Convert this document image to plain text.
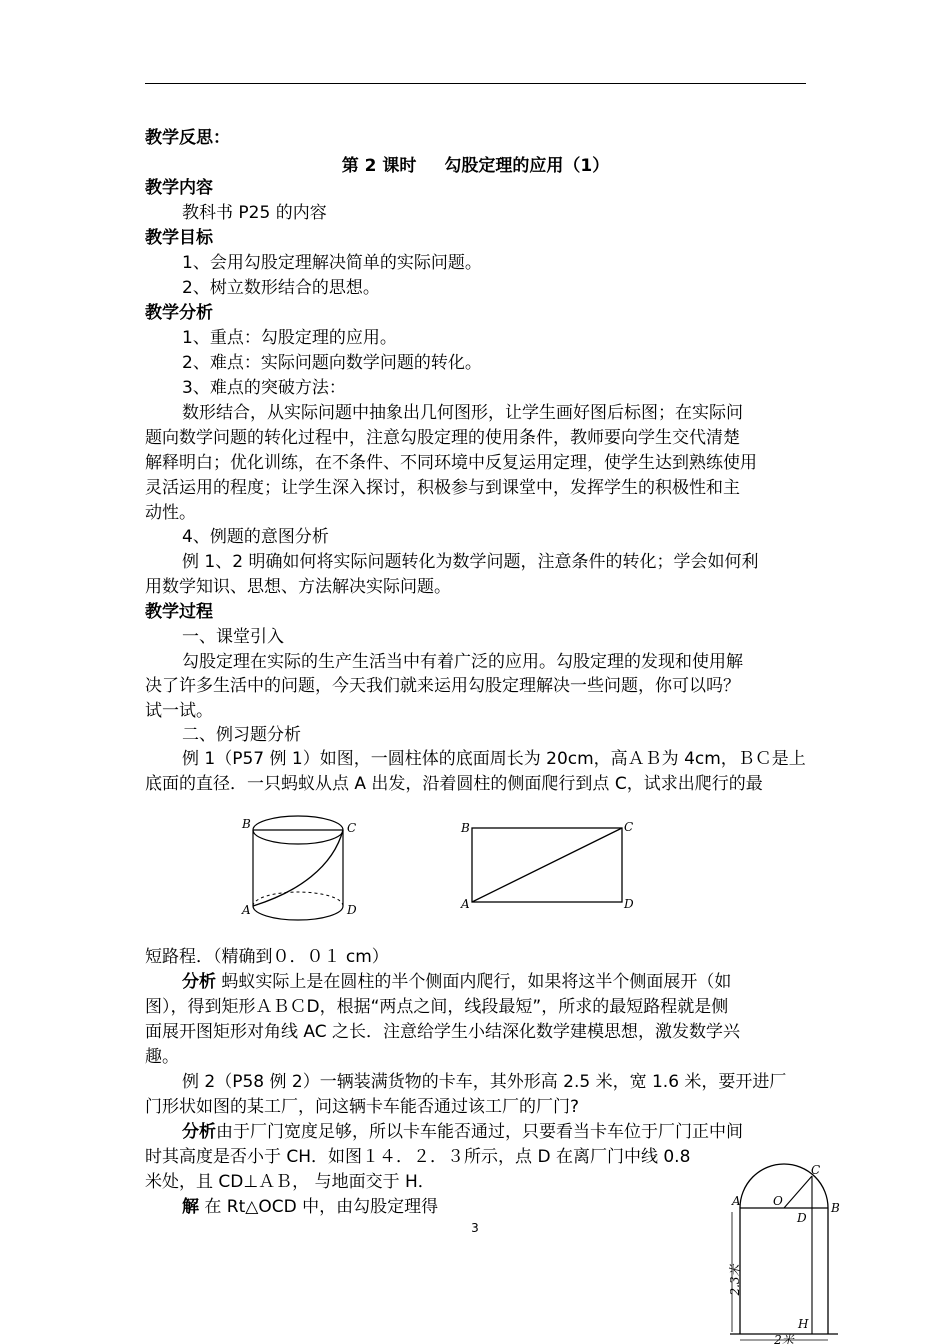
教学反思：
第 2 课时 勾股定理的应用（1）
教学内容
教科书 P25 的内容
教学目标
1、会用勾股定理解决简单的实际问题。
2、树立数形结合的思想。
教学分析
1、重点：勾股定理的应用。
2、难点：实际问题向数学问题的转化。
3、难点的突破方法：
数形结合，从实际问题中抽象出几何图形，让学生画好图后标图；在实际问
题向数学问题的转化过程中，注意勾股定理的使用条件，教师要向学生交代清楚
解释明白；优化训练，在不条件、不同环境中反复运用定理，使学生达到熟练使用
灵活运用的程度；让学生深入探讨，积极参与到课堂中，发挥学生的积极性和主
动性。
4、例题的意图分析
例 1、2 明确如何将实际问题转化为数学问题，注意条件的转化；学会如何利
用数学知识、思想、方法解决实际问题。
教学过程
一、课堂引入
勾股定理在实际的生产生活当中有着广泛的应用。勾股定理的发现和使用解
决了许多生活中的问题，今天我们就来运用勾股定理解决一些问题，你可以吗？
试一试。
二、例习题分析
例 1（P57 例 1）如图，一圆柱体的底面周长为 20cm，高ＡＢ为 4cm，ＢＣ是上
底面的直径．一只蚂蚁从点 A 出发，沿着圆柱的侧面爬行到点 C，试求出爬行的最
B	C
A	D
B	C
A	D
短路程．（精确到０．０１ cm）
分析 蚂蚁实际上是在圆柱的半个侧面内爬行，如果将这半个侧面展开（如
图），得到矩形ＡＢＣD，根据“两点之间，线段最短”，所求的最短路程就是侧
面展开图矩形对角线 AC 之长．注意给学生小结深化数学建模思想，激发数学兴
趣。
例 2（P58 例 2）一辆装满货物的卡车，其外形高 2.5 米，宽 1.6 米，要开进厂
门形状如图的某工厂，问这辆卡车能否通过该工厂的厂门?
分析由于厂门宽度足够，所以卡车能否通过，只要看当卡车位于厂门正中间
时其高度是否小于 CH．如图１４．２．３所示，点 D 在离厂门中线 0.8
米处，且 CD⊥ＡＢ， 与地面交于 H．
解 在 Rt△OCD 中，由勾股定理得
C
A	O	B
D
H
2.3米
2米
3
